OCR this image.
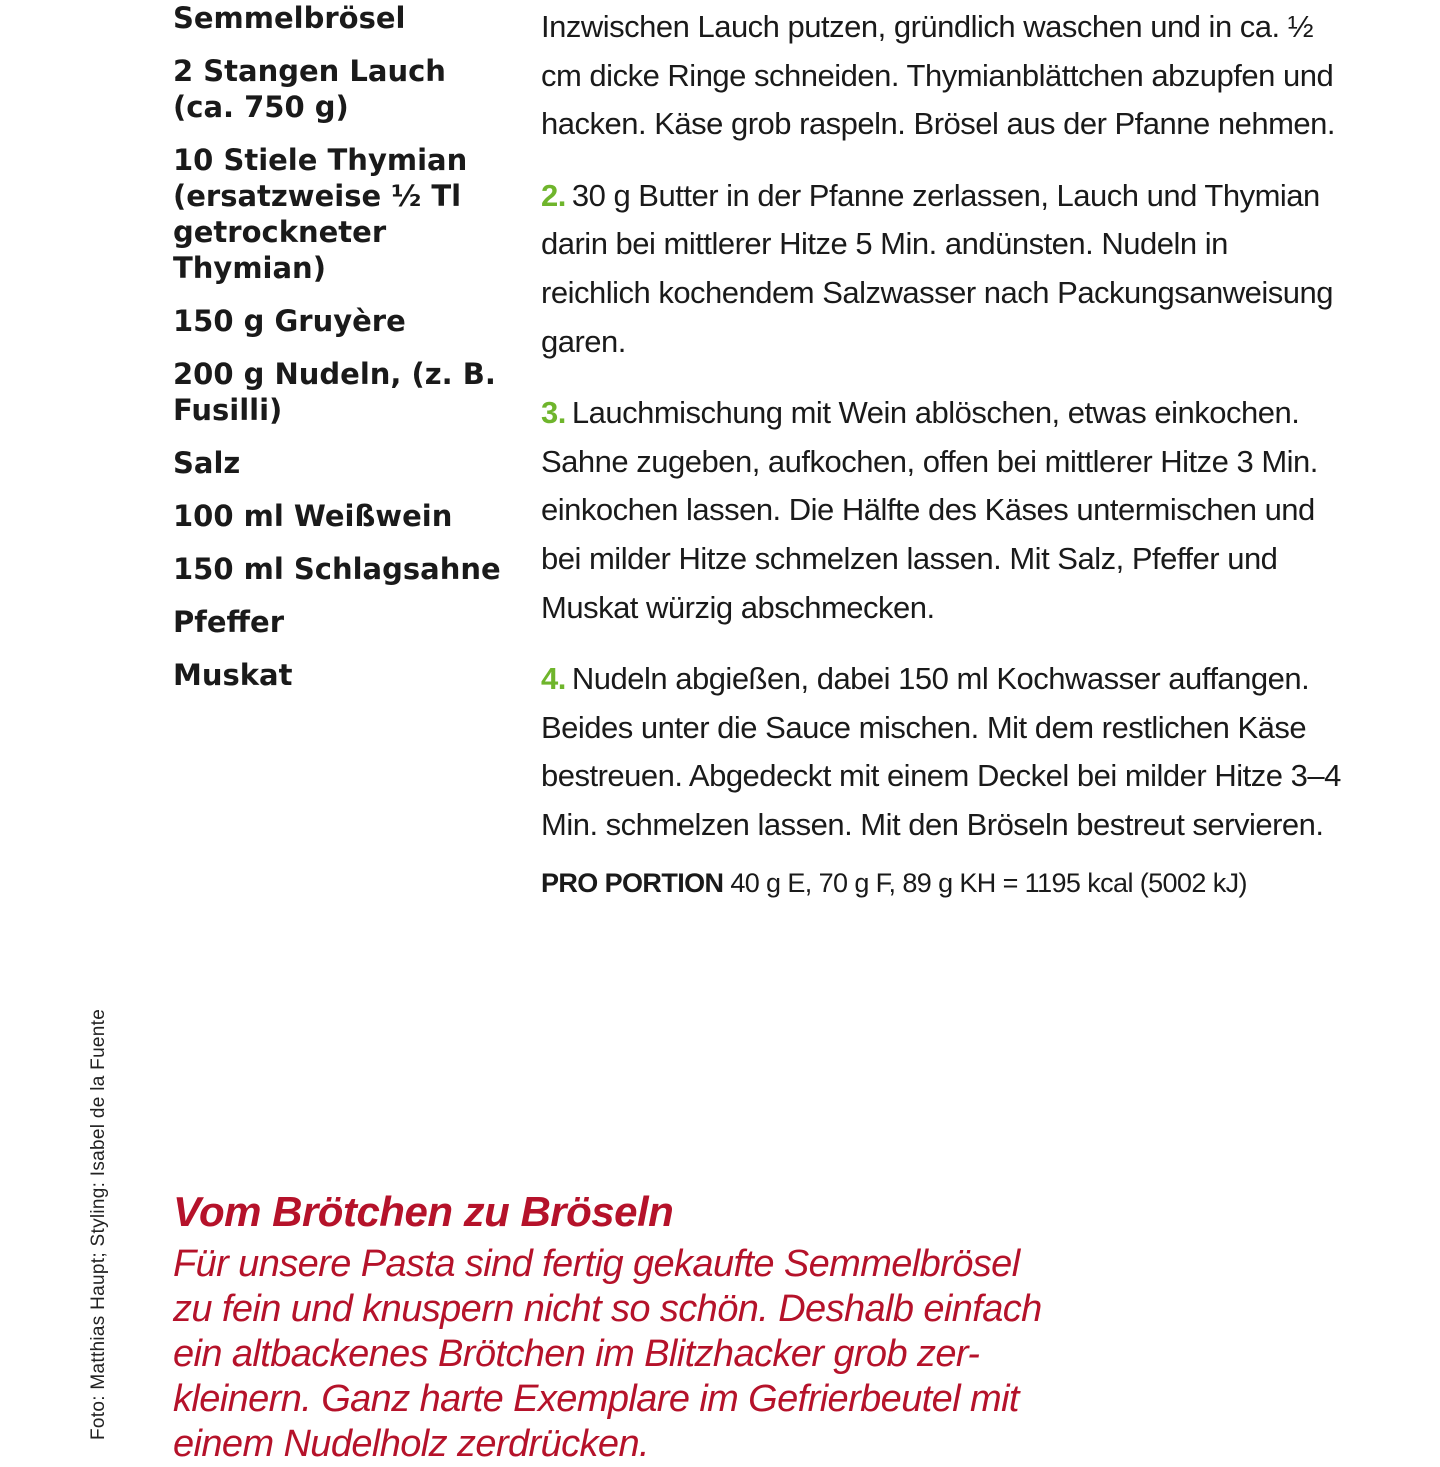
Foto: Matthias Haupt; Styling: Isabel de la Fuente
Semmelbrösel
2 Stangen Lauch (ca. 750 g)
10 Stiele Thymian (ersatzweise ½ Tl getrockneter Thymian)
150 g Gruyère
200 g Nudeln, (z. B. Fusilli)
Salz
100 ml Weißwein
150 ml Schlagsahne
Pfeffer
Muskat
Inzwischen Lauch putzen, gründlich waschen und in ca. ½ cm dicke Ringe schneiden. Thymianblättchen abzupfen und hacken. Käse grob raspeln. Brösel aus der Pfanne nehmen.
2. 30 g Butter in der Pfanne zerlassen, Lauch und Thymian darin bei mittlerer Hitze 5 Min. andünsten. Nudeln in reichlich kochendem Salzwasser nach Packungsanweisung garen.
3. Lauchmischung mit Wein ablöschen, etwas einkochen. Sahne zugeben, aufkochen, offen bei mittlerer Hitze 3 Min. einkochen lassen. Die Hälfte des Käses untermischen und bei milder Hitze schmelzen lassen. Mit Salz, Pfeffer und Muskat würzig abschmecken.
4. Nudeln abgießen, dabei 150 ml Kochwasser auffangen. Beides unter die Sauce mischen. Mit dem restlichen Käse bestreuen. Abgedeckt mit einem Deckel bei milder Hitze 3–4 Min. schmelzen lassen. Mit den Bröseln bestreut servieren.
PRO PORTION 40 g E, 70 g F, 89 g KH = 1195 kcal (5002 kJ)
Vom Brötchen zu Bröseln
Für unsere Pasta sind fertig gekaufte Semmelbrösel
zu fein und knuspern nicht so schön. Deshalb einfach
ein altbackenes Brötchen im Blitzhacker grob zer-
kleinern. Ganz harte Exemplare im Gefrierbeutel mit
einem Nudelholz zerdrücken.
